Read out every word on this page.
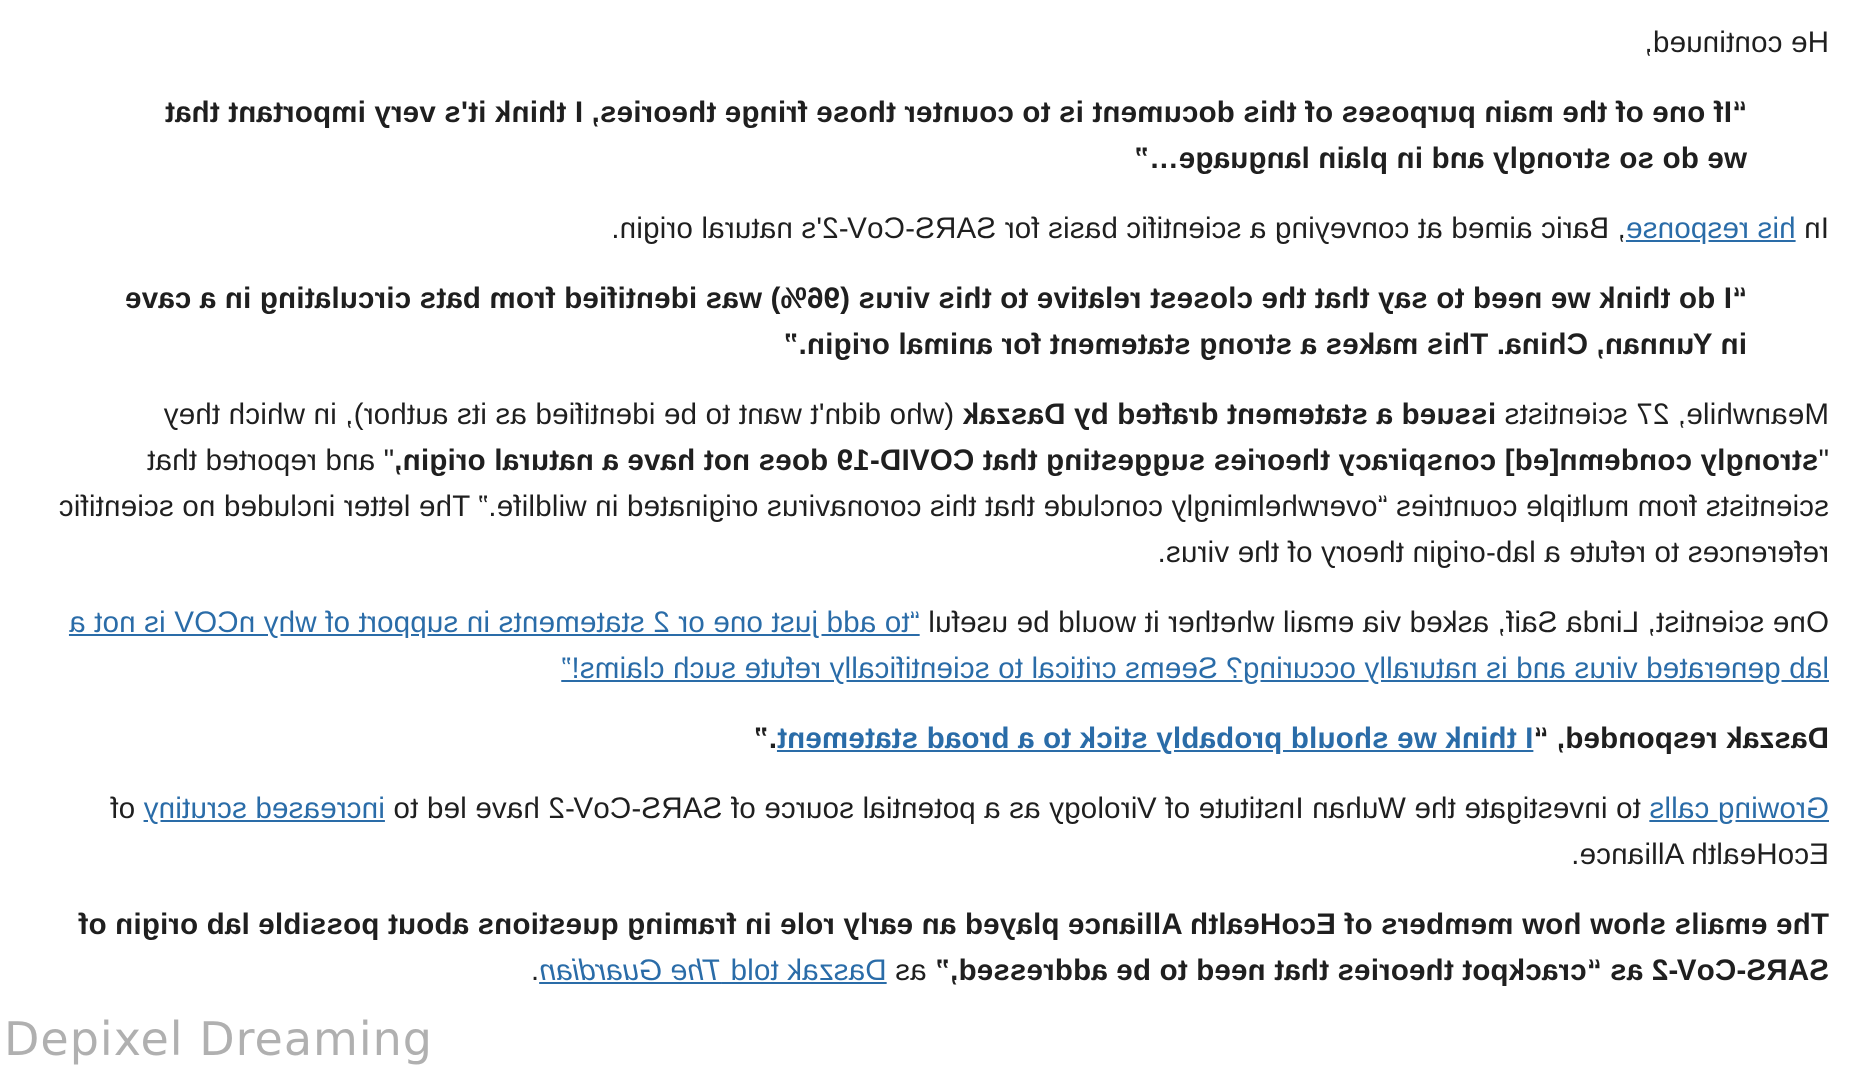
He continued,

“If one of the main purposes of this document is to counter those fringe theories, I think it's very important that we do so strongly and in plain language…”

In his response, Baric aimed at conveying a scientific basis for SARS-CoV-2's natural origin.

“I do think we need to say that the closest relative to this virus (96%) was identified from bats circulating in a cave in Yunnan, China. This makes a strong statement for animal origin.”

Meanwhile, 27 scientists issued a statement drafted by Daszak (who didn't want to be identified as its author), in which they "strongly condemn[ed] conspiracy theories suggesting that COVID-19 does not have a natural origin," and reported that scientists from multiple countries “overwhelmingly conclude that this coronavirus originated in wildlife.” The letter included no scientific references to refute a lab-origin theory of the virus.

One scientist, Linda Saif, asked via email whether it would be useful “to add just one or 2 statements in support of why nCOV is not a lab generated virus and is naturally occuring? Seems critical to scientifically refute such claims!”

Daszak responded, “I think we should probably stick to a broad statement.”

Growing calls to investigate the Wuhan Institute of Virology as a potential source of SARS-CoV-2 have led to increased scrutiny of EcoHealth Alliance.

The emails show how members of EcoHealth Alliance played an early role in framing questions about possible lab origin of SARS-CoV-2 as “crackpot theories that need to be addressed,” as Daszak told The Guardian.

Depixel Dreaming
